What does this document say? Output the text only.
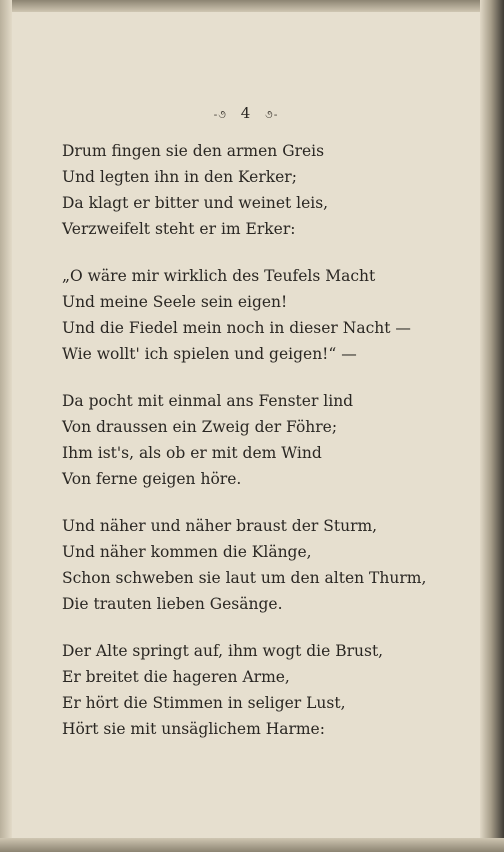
-૭ 4 ૭-
Drum fingen sie den armen Greis
Und legten ihn in den Kerker;
Da klagt er bitter und weinet leis,
Verzweifelt steht er im Erker:
„O wäre mir wirklich des Teufels Macht
Und meine Seele sein eigen!
Und die Fiedel mein noch in dieser Nacht —
Wie wollt' ich spielen und geigen!“ —
Da pocht mit einmal ans Fenster lind
Von draussen ein Zweig der Föhre;
Ihm ist's, als ob er mit dem Wind
Von ferne geigen höre.
Und näher und näher braust der Sturm,
Und näher kommen die Klänge,
Schon schweben sie laut um den alten Thurm,
Die trauten lieben Gesänge.
Der Alte springt auf, ihm wogt die Brust,
Er breitet die hageren Arme,
Er hört die Stimmen in seliger Lust,
Hört sie mit unsäglichem Harme:
